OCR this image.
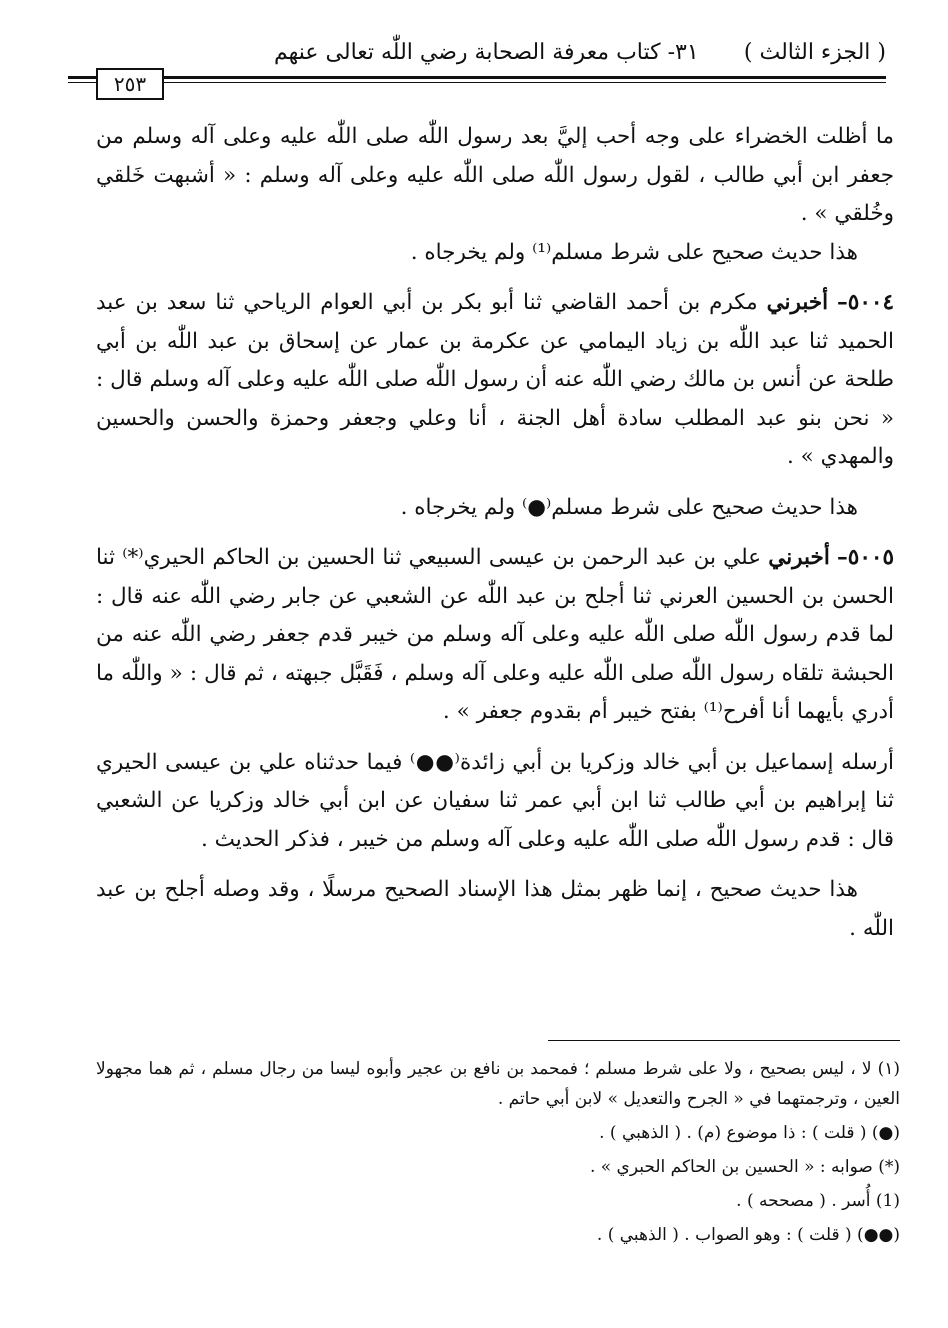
٣١- كتاب معرفة الصحابة رضي اللّٰه تعالى عنهم ( الجزء الثالث )
٢٥٣

ما أظلت الخضراء على وجه أحب إليَّ بعد رسول اللّٰه صلى اللّٰه عليه وعلى آله وسلم من جعفر ابن أبي طالب ، لقول رسول اللّٰه صلى اللّٰه عليه وعلى آله وسلم : « أشبهت خَلقي وخُلقي » .

هذا حديث صحيح على شرط مسلم⁽¹⁾ ولم يخرجاه .

٥٠٠٤– أخبرني مكرم بن أحمد القاضي ثنا أبو بكر بن أبي العوام الرياحي ثنا سعد بن عبد الحميد ثنا عبد اللّٰه بن زياد اليمامي عن عكرمة بن عمار عن إسحاق بن عبد اللّٰه بن أبي طلحة عن أنس بن مالك رضي اللّٰه عنه أن رسول اللّٰه صلى اللّٰه عليه وعلى آله وسلم قال : « نحن بنو عبد المطلب سادة أهل الجنة ، أنا وعلي وجعفر وحمزة والحسن والحسين والمهدي » .

هذا حديث صحيح على شرط مسلم⁽●⁾ ولم يخرجاه .

٥٠٠٥– أخبرني علي بن عبد الرحمن بن عيسى السبيعي ثنا الحسين بن الحاكم الحيري⁽*⁾ ثنا الحسن بن الحسين العرني ثنا أجلح بن عبد اللّٰه عن الشعبي عن جابر رضي اللّٰه عنه قال : لما قدم رسول اللّٰه صلى اللّٰه عليه وعلى آله وسلم من خيبر قدم جعفر رضي اللّٰه عنه من الحبشة تلقاه رسول اللّٰه صلى اللّٰه عليه وعلى آله وسلم ، فَقَبَّل جبهته ، ثم قال : « واللّٰه ما أدري بأيهما أنا أفرح⁽¹⁾ بفتح خيبر أم بقدوم جعفر » .

أرسله إسماعيل بن أبي خالد وزكريا بن أبي زائدة⁽●●⁾ فيما حدثناه علي بن عيسى الحيري ثنا إبراهيم بن أبي طالب ثنا ابن أبي عمر ثنا سفيان عن ابن أبي خالد وزكريا عن الشعبي قال : قدم رسول اللّٰه صلى اللّٰه عليه وعلى آله وسلم من خيبر ، فذكر الحديث .

هذا حديث صحيح ، إنما ظهر بمثل هذا الإسناد الصحيح مرسلًا ، وقد وصله أجلح بن عبد اللّٰه .

(١) لا ، ليس بصحيح ، ولا على شرط مسلم ؛ فمحمد بن نافع بن عجير وأبوه ليسا من رجال مسلم ، ثم هما مجهولا العين ، وترجمتهما في « الجرح والتعديل » لابن أبي حاتم .

(●) ( قلت ) : ذا موضوع (م) . ( الذهبي ) .

(*) صوابه : « الحسين بن الحاكم الحبري » .

(1) أُسر . ( مصححه ) .

(●●) ( قلت ) : وهو الصواب . ( الذهبي ) .
